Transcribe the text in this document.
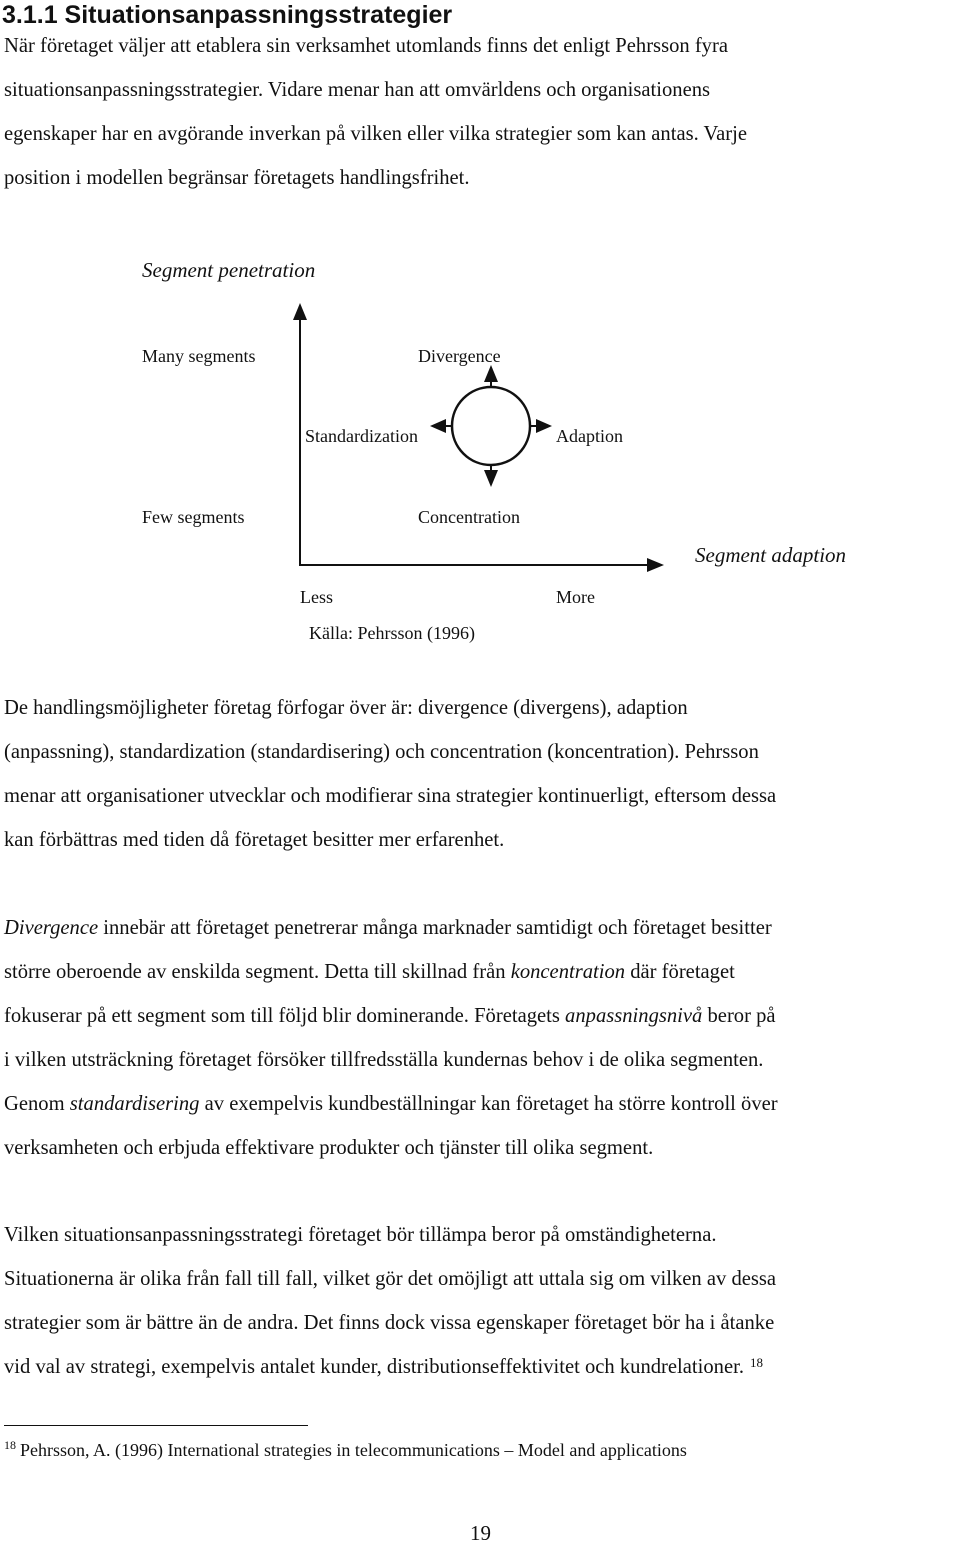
3.1.1 Situationsanpassningsstrategier
När företaget väljer att etablera sin verksamhet utomlands finns det enligt Pehrsson fyra
situationsanpassningsstrategier. Vidare menar han att omvärldens och organisationens
egenskaper har en avgörande inverkan på vilken eller vilka strategier som kan antas. Varje
position i modellen begränsar företagets handlingsfrihet.
Segment penetration
Many segments	Divergence
Standardization	Adaption
Few segments	Concentration
Segment adaption
Less	More
Källa: Pehrsson (1996)
De handlingsmöjligheter företag förfogar över är: divergence (divergens), adaption
(anpassning), standardization (standardisering) och concentration (koncentration). Pehrsson
menar att organisationer utvecklar och modifierar sina strategier kontinuerligt, eftersom dessa
kan förbättras med tiden då företaget besitter mer erfarenhet.
Divergence innebär att företaget penetrerar många marknader samtidigt och företaget besitter
större oberoende av enskilda segment. Detta till skillnad från koncentration där företaget
fokuserar på ett segment som till följd blir dominerande. Företagets anpassningsnivå beror på
i vilken utsträckning företaget försöker tillfredsställa kundernas behov i de olika segmenten.
Genom standardisering av exempelvis kundbeställningar kan företaget ha större kontroll över
verksamheten och erbjuda effektivare produkter och tjänster till olika segment.
Vilken situationsanpassningsstrategi företaget bör tillämpa beror på omständigheterna.
Situationerna är olika från fall till fall, vilket gör det omöjligt att uttala sig om vilken av dessa
strategier som är bättre än de andra. Det finns dock vissa egenskaper företaget bör ha i åtanke
vid val av strategi, exempelvis antalet kunder, distributionseffektivitet och kundrelationer. $^{18}$
$^{18}$ Pehrsson, A. (1996) International strategies in telecommunications – Model and applications
19
